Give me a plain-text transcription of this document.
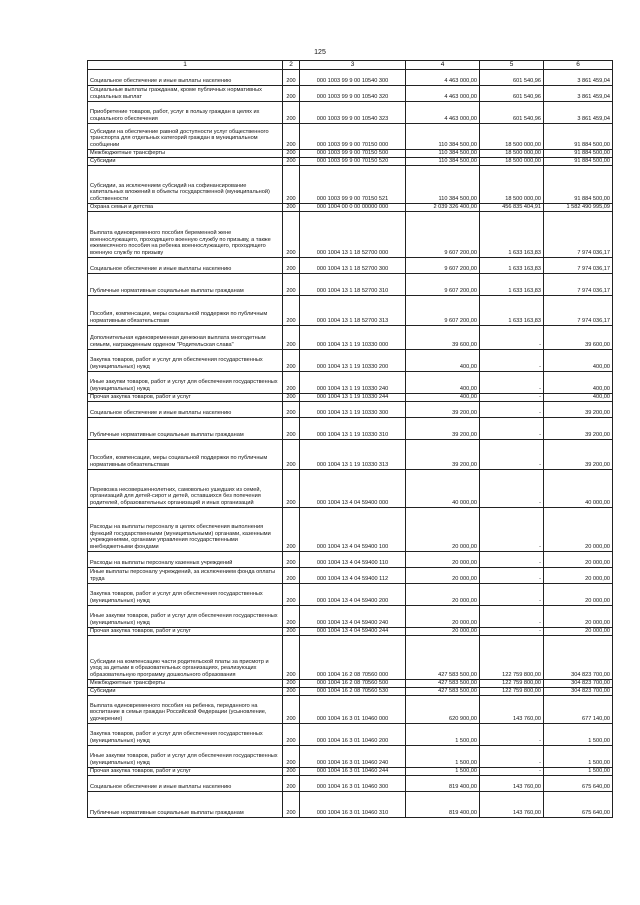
125
1	2	3	4	5	6
Социальное обеспечение и иные выплаты населению	200	000 1003 99 9 00 10540 300	4 463 000,00	601 540,96	3 861 459,04
Социальные выплаты гражданам, кроме публичных нормативных социальных выплат	200	000 1003 99 9 00 10540 320	4 463 000,00	601 540,96	3 861 459,04
Приобретение товаров, работ, услуг в пользу граждан в целях их социального обеспечения	200	000 1003 99 9 00 10540 323	4 463 000,00	601 540,96	3 861 459,04
Субсидии на обеспечение равной доступности услуг общественного транспорта для отдельных категорий граждан в муниципальном сообщении	200	000 1003 99 9 00 70150 000	110 384 500,00	18 500 000,00	91 884 500,00
Межбюджетные трансферты	200	000 1003 99 9 00 70150 500	110 384 500,00	18 500 000,00	91 884 500,00
Субсидии	200	000 1003 99 9 00 70150 520	110 384 500,00	18 500 000,00	91 884 500,00
Субсидии, за исключением субсидий на софинансирование капитальных вложений в объекты государственной (муниципальной) собственности	200	000 1003 99 9 00 70150 521	110 384 500,00	18 500 000,00	91 884 500,00
Охрана семьи и детства	200	000 1004 00 0 00 00000 000	2 039 326 400,00	456 835 404,91	1 582 490 995,09
Выплата единовременного пособия беременной жене военнослужащего, проходящего военную службу по призыву, а также ежемесячного пособия на ребенка военнослужащего, проходящего военную службу по призыву	200	000 1004 13 1 18 52700 000	9 607 200,00	1 633 163,83	7 974 036,17
Социальное обеспечение и иные выплаты населению	200	000 1004 13 1 18 52700 300	9 607 200,00	1 633 163,83	7 974 036,17
Публичные нормативные социальные выплаты гражданам	200	000 1004 13 1 18 52700 310	9 607 200,00	1 633 163,83	7 974 036,17
Пособия, компенсации, меры социальной поддержки по публичным нормативным обязательствам	200	000 1004 13 1 18 52700 313	9 607 200,00	1 633 163,83	7 974 036,17
Дополнительная единовременная денежная выплата многодетным семьям, награжденным орденом "Родительская слава"	200	000 1004 13 1 19 10330 000	39 600,00	-	39 600,00
Закупка товаров, работ и услуг для обеспечения государственных (муниципальных) нужд	200	000 1004 13 1 19 10330 200	400,00	-	400,00
Иные закупки товаров, работ и услуг для обеспечения государственных (муниципальных) нужд	200	000 1004 13 1 19 10330 240	400,00	-	400,00
Прочая закупка товаров, работ и услуг	200	000 1004 13 1 19 10330 244	400,00	-	400,00
Социальное обеспечение и иные выплаты населению	200	000 1004 13 1 19 10330 300	39 200,00	-	39 200,00
Публичные нормативные социальные выплаты гражданам	200	000 1004 13 1 19 10330 310	39 200,00	-	39 200,00
Пособия, компенсации, меры социальной поддержки по публичным нормативным обязательствам	200	000 1004 13 1 19 10330 313	39 200,00	-	39 200,00
Перевозка несовершеннолетних, самовольно ушедших из семей, организаций для детей-сирот и детей, оставшихся без попечения родителей, образовательных организаций и иных организаций	200	000 1004 13 4 04 59400 000	40 000,00	-	40 000,00
Расходы на выплаты персоналу в целях обеспечения выполнения функций государственными (муниципальными) органами, казенными учреждениями, органами управления государственными внебюджетными фондами	200	000 1004 13 4 04 59400 100	20 000,00	-	20 000,00
Расходы на выплаты персоналу казенных учреждений	200	000 1004 13 4 04 59400 110	20 000,00	-	20 000,00
Иные выплаты персоналу учреждений, за исключением фонда оплаты труда	200	000 1004 13 4 04 59400 112	20 000,00	-	20 000,00
Закупка товаров, работ и услуг для обеспечения государственных (муниципальных) нужд	200	000 1004 13 4 04 59400 200	20 000,00	-	20 000,00
Иные закупки товаров, работ и услуг для обеспечения государственных (муниципальных) нужд	200	000 1004 13 4 04 59400 240	20 000,00	-	20 000,00
Прочая закупка товаров, работ и услуг	200	000 1004 13 4 04 59400 244	20 000,00	-	20 000,00
Субсидии на компенсацию части родительской платы за присмотр и уход за детьми в образовательных организациях, реализующих образовательную программу дошкольного образования	200	000 1004 16 2 08 70560 000	427 583 500,00	122 759 800,00	304 823 700,00
Межбюджетные трансферты	200	000 1004 16 2 08 70560 500	427 583 500,00	122 759 800,00	304 823 700,00
Субсидии	200	000 1004 16 2 08 70560 530	427 583 500,00	122 759 800,00	304 823 700,00
Выплата единовременного пособия на ребенка, переданного на воспитание в семьи граждан Российской Федерации (усыновление, удочерение)	200	000 1004 16 3 01 10460 000	620 900,00	143 760,00	677 140,00
Закупка товаров, работ и услуг для обеспечения государственных (муниципальных) нужд	200	000 1004 16 3 01 10460 200	1 500,00	-	1 500,00
Иные закупки товаров, работ и услуг для обеспечения государственных (муниципальных) нужд	200	000 1004 16 3 01 10460 240	1 500,00	-	1 500,00
Прочая закупка товаров, работ и услуг	200	000 1004 16 3 01 10460 244	1 500,00	-	1 500,00
Социальное обеспечение и иные выплаты населению	200	000 1004 16 3 01 10460 300	819 400,00	143 760,00	675 640,00
Публичные нормативные социальные выплаты гражданам	200	000 1004 16 3 01 10460 310	819 400,00	143 760,00	675 640,00
